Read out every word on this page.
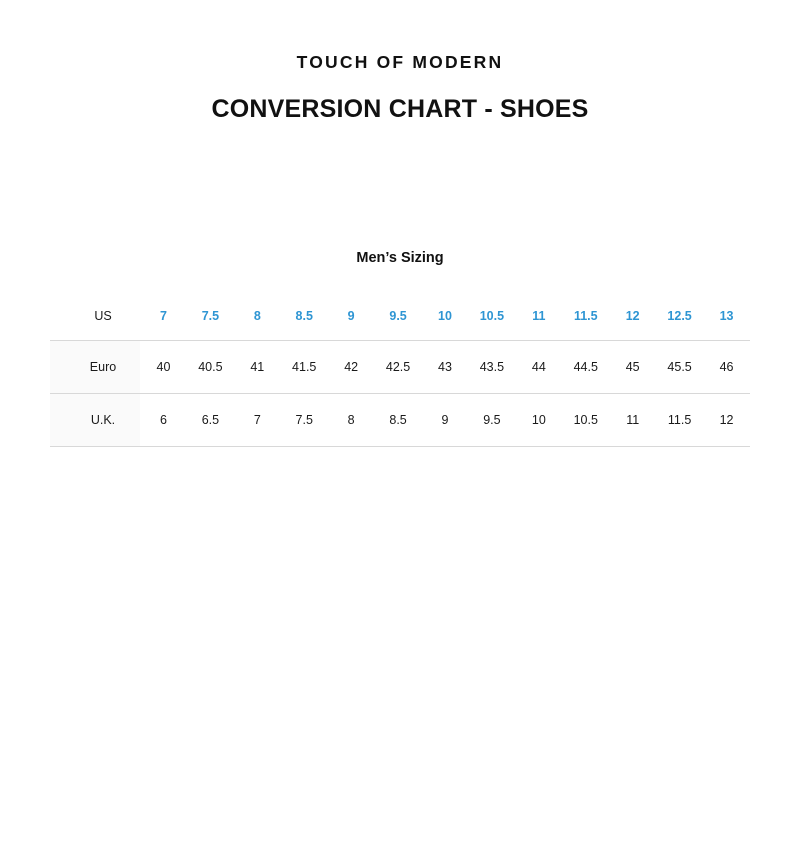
TOUCH OF MODERN
CONVERSION CHART - SHOES
Men’s Sizing
US	7	7.5	8	8.5	9	9.5	10	10.5	11	11.5	12	12.5	13
Euro	40	40.5	41	41.5	42	42.5	43	43.5	44	44.5	45	45.5	46
U.K.	6	6.5	7	7.5	8	8.5	9	9.5	10	10.5	11	11.5	12
